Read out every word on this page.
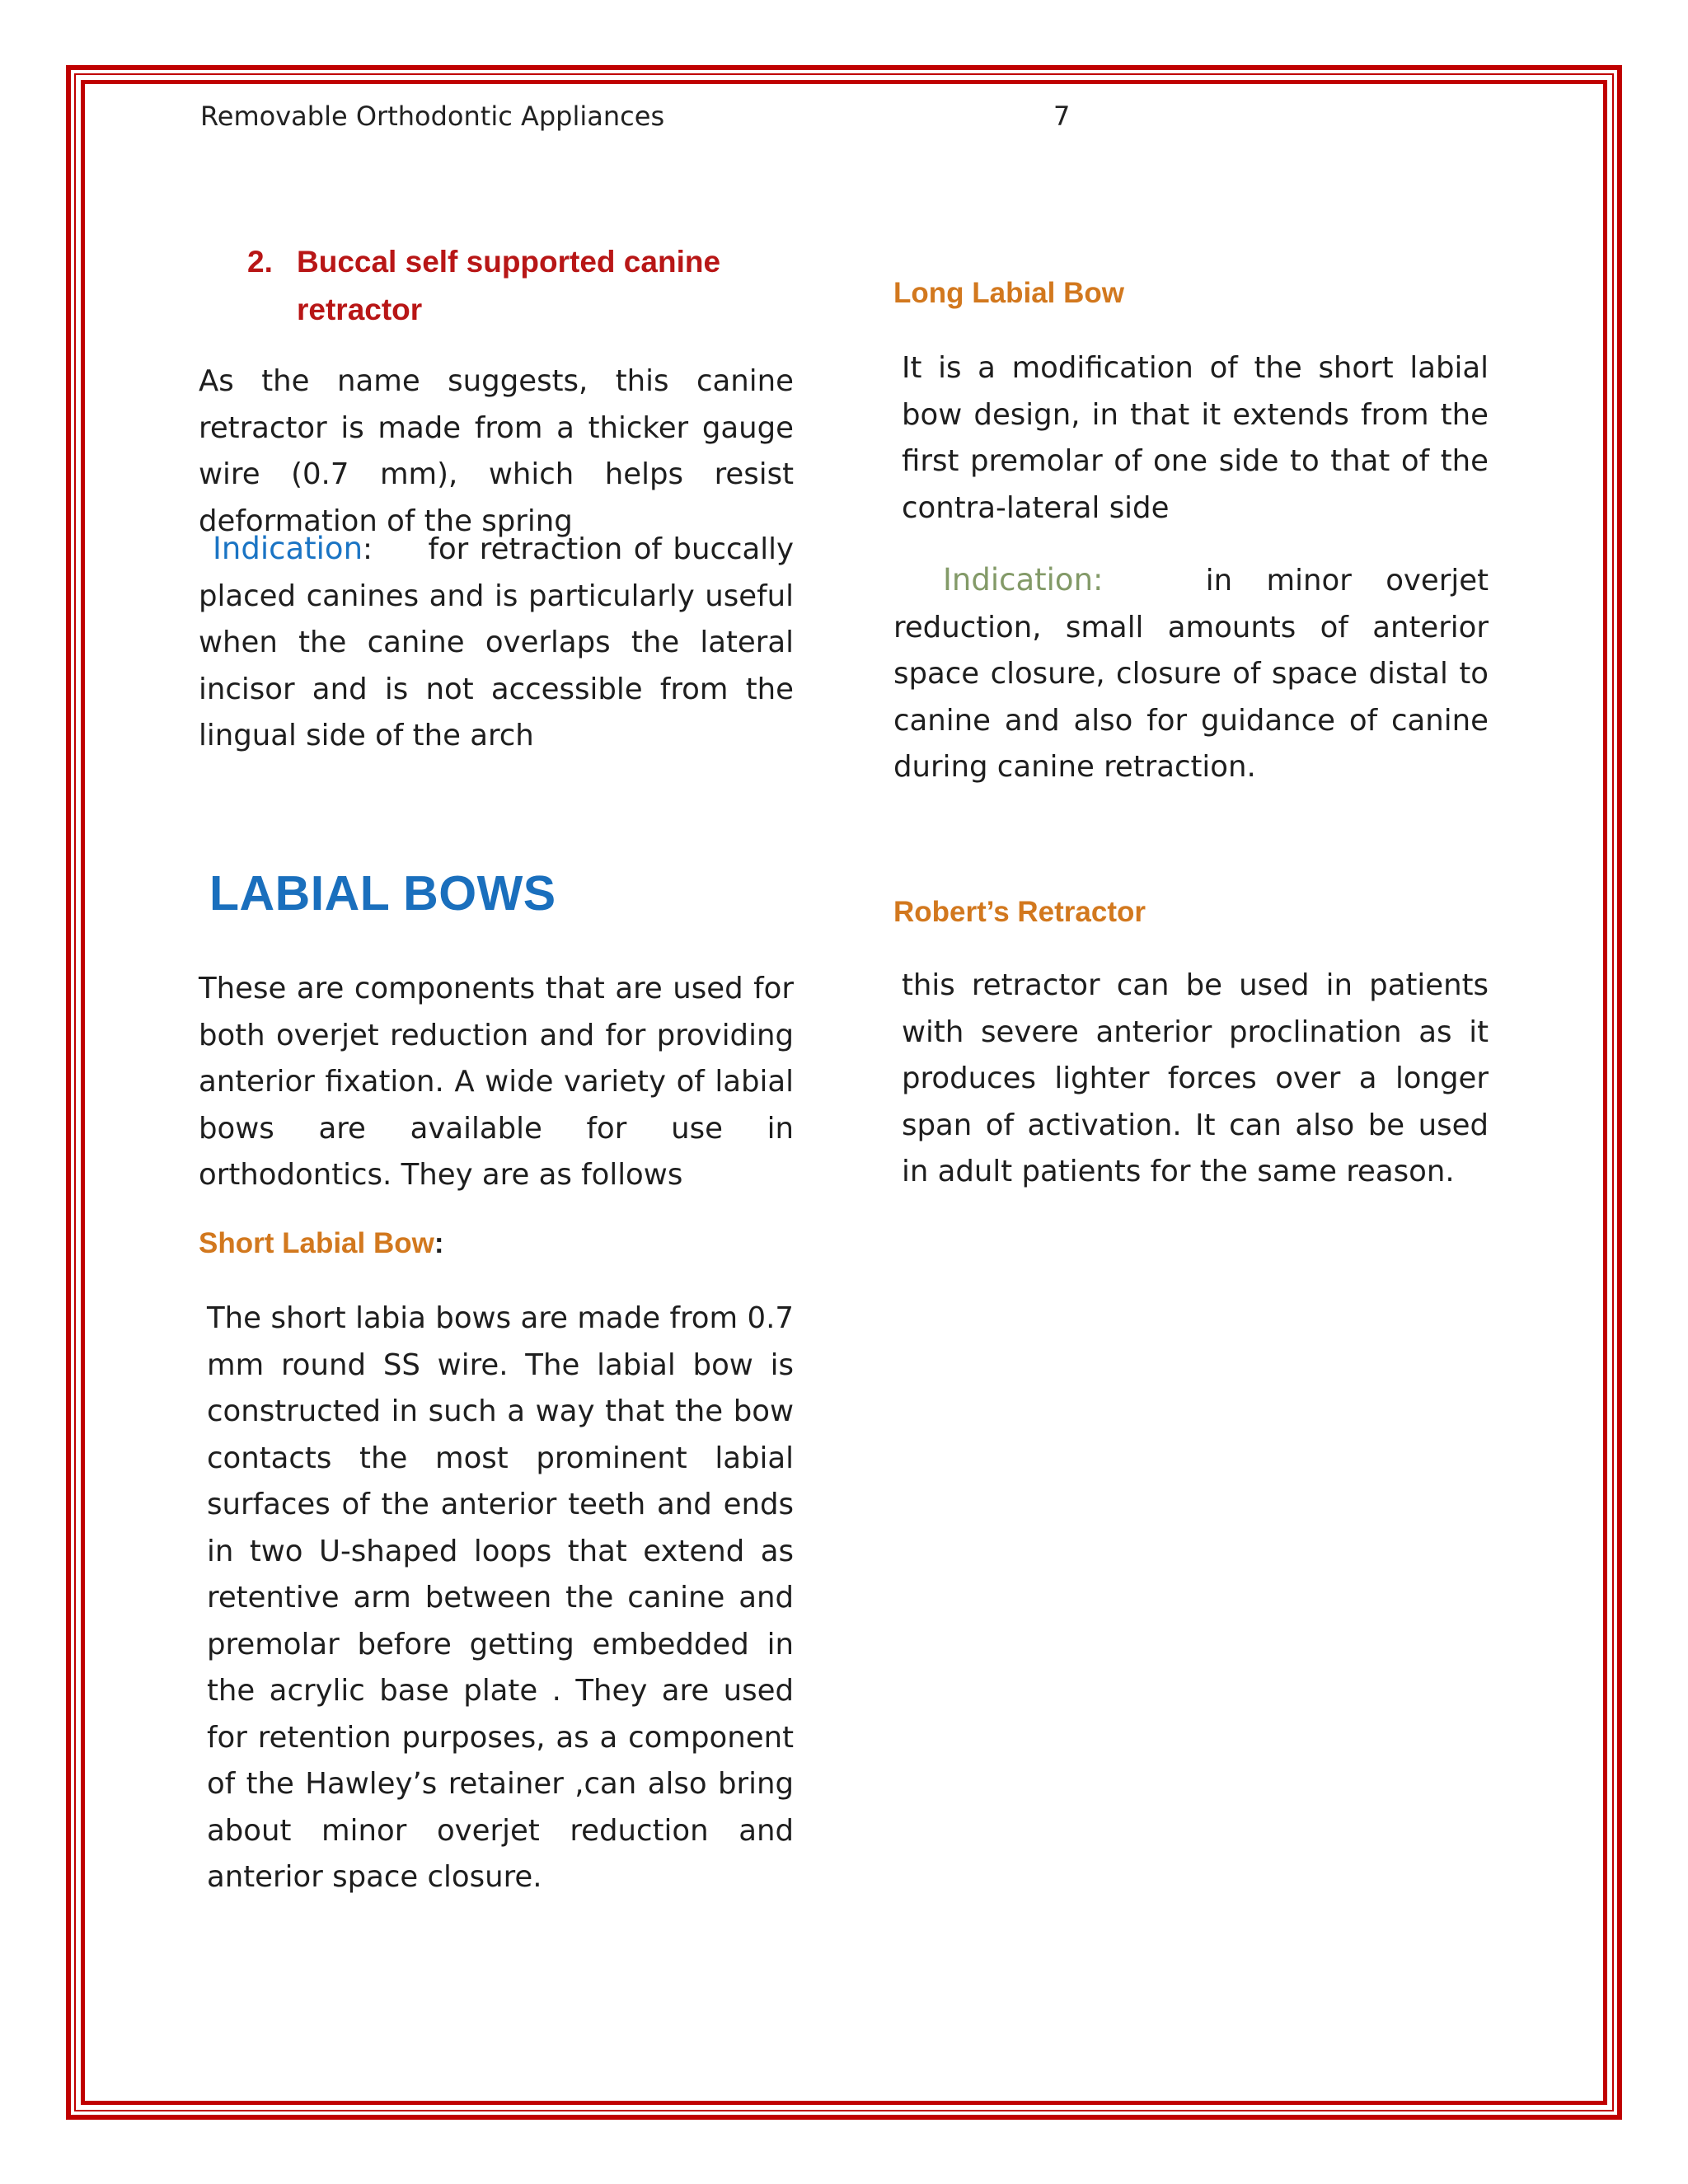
Removable Orthodontic Appliances	7
2. Buccal self supported canine retractor

As the name suggests, this canine retractor is made from a thicker gauge wire (0.7 mm), which helps resist deformation of the spring

Indication: for retraction of buccally placed canines and is particularly useful when the canine overlaps the lateral incisor and is not accessible from the lingual side of the arch

LABIAL BOWS

These are components that are used for both overjet reduction and for providing anterior fixation. A wide variety of labial bows are available for use in orthodontics. They are as follows

Short Labial Bow:

The short labia bows are made from 0.7 mm round SS wire. The labial bow is constructed in such a way that the bow contacts the most prominent labial surfaces of the anterior teeth and ends in two U-shaped loops that extend as retentive arm between the canine and premolar before getting embedded in the acrylic base plate . They are used for retention purposes, as a component of the Hawley’s retainer ,can also bring about minor overjet reduction and anterior space closure.

Long Labial Bow

It is a modification of the short labial bow design, in that it extends from the first premolar of one side to that of the contra-lateral side

Indication:	in minor overjet reduction, small amounts of anterior space closure, closure of space distal to canine and also for guidance of canine during canine retraction.

Robert’s Retractor

this retractor can be used in patients with severe anterior proclination as it produces lighter forces over a longer span of activation. It can also be used in adult patients for the same reason.
